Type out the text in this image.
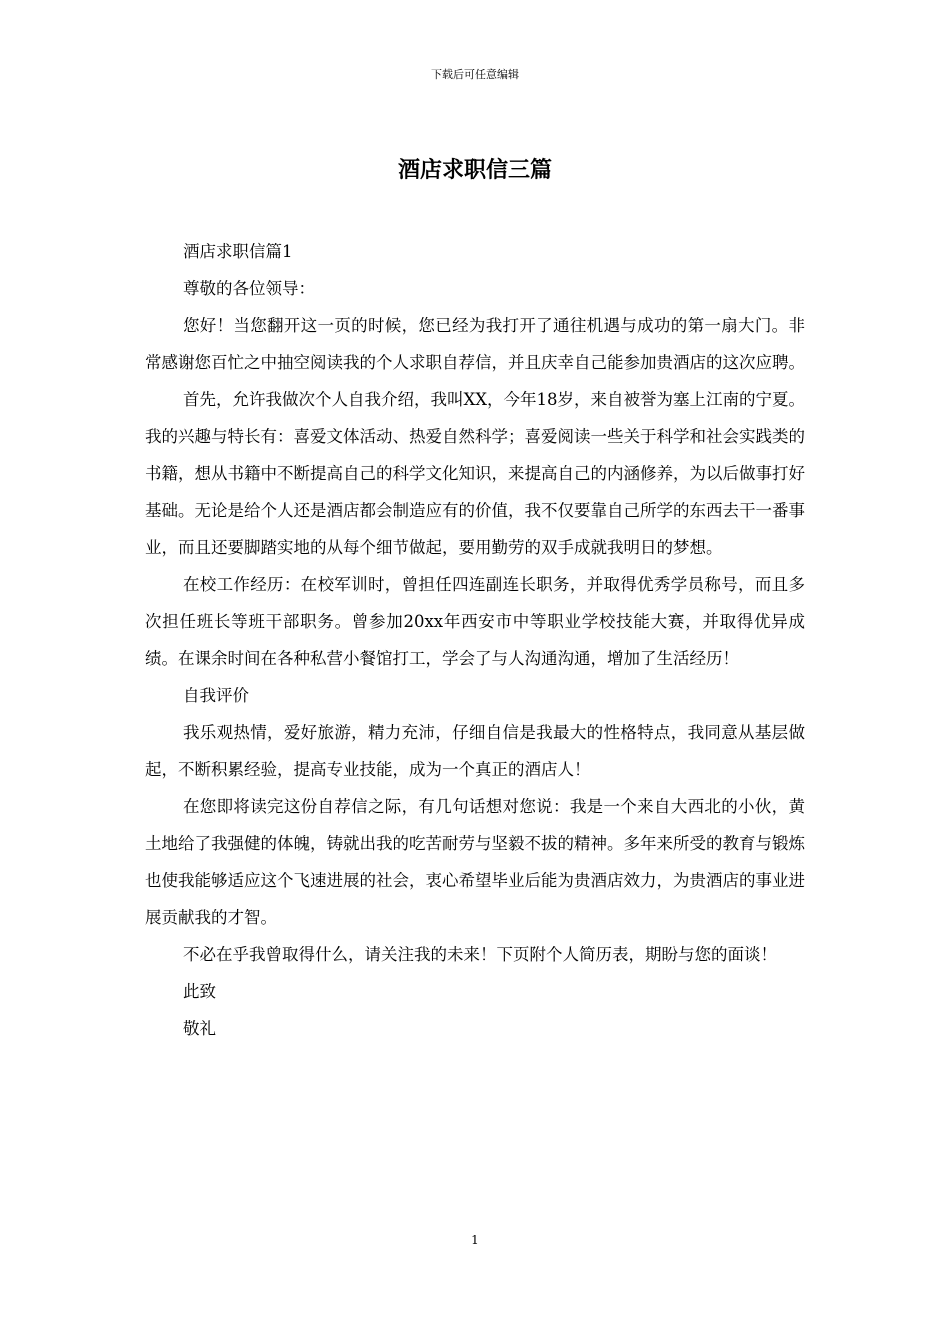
下载后可任意编辑
酒店求职信三篇

酒店求职信篇1

尊敬的各位领导：

您好！当您翻开这一页的时候，您已经为我打开了通往机遇与成功的第一扇大门。非常感谢您百忙之中抽空阅读我的个人求职自荐信，并且庆幸自己能参加贵酒店的这次应聘。

首先，允许我做次个人自我介绍，我叫XX，今年18岁，来自被誉为塞上江南的宁夏。我的兴趣与特长有：喜爱文体活动、热爱自然科学；喜爱阅读一些关于科学和社会实践类的书籍，想从书籍中不断提高自己的科学文化知识，来提高自己的内涵修养，为以后做事打好基础。无论是给个人还是酒店都会制造应有的价值，我不仅要靠自己所学的东西去干一番事业，而且还要脚踏实地的从每个细节做起，要用勤劳的双手成就我明日的梦想。

在校工作经历：在校军训时，曾担任四连副连长职务，并取得优秀学员称号，而且多次担任班长等班干部职务。曾参加20xx年西安市中等职业学校技能大赛，并取得优异成绩。在课余时间在各种私营小餐馆打工，学会了与人沟通沟通，增加了生活经历！

自我评价

我乐观热情，爱好旅游，精力充沛，仔细自信是我最大的性格特点，我同意从基层做起，不断积累经验，提高专业技能，成为一个真正的酒店人！

在您即将读完这份自荐信之际，有几句话想对您说：我是一个来自大西北的小伙，黄土地给了我强健的体魄，铸就出我的吃苦耐劳与坚毅不拔的精神。多年来所受的教育与锻炼也使我能够适应这个飞速进展的社会，衷心希望毕业后能为贵酒店效力，为贵酒店的事业进展贡献我的才智。

不必在乎我曾取得什么，请关注我的未来！下页附个人简历表，期盼与您的面谈！

此致

敬礼

1
